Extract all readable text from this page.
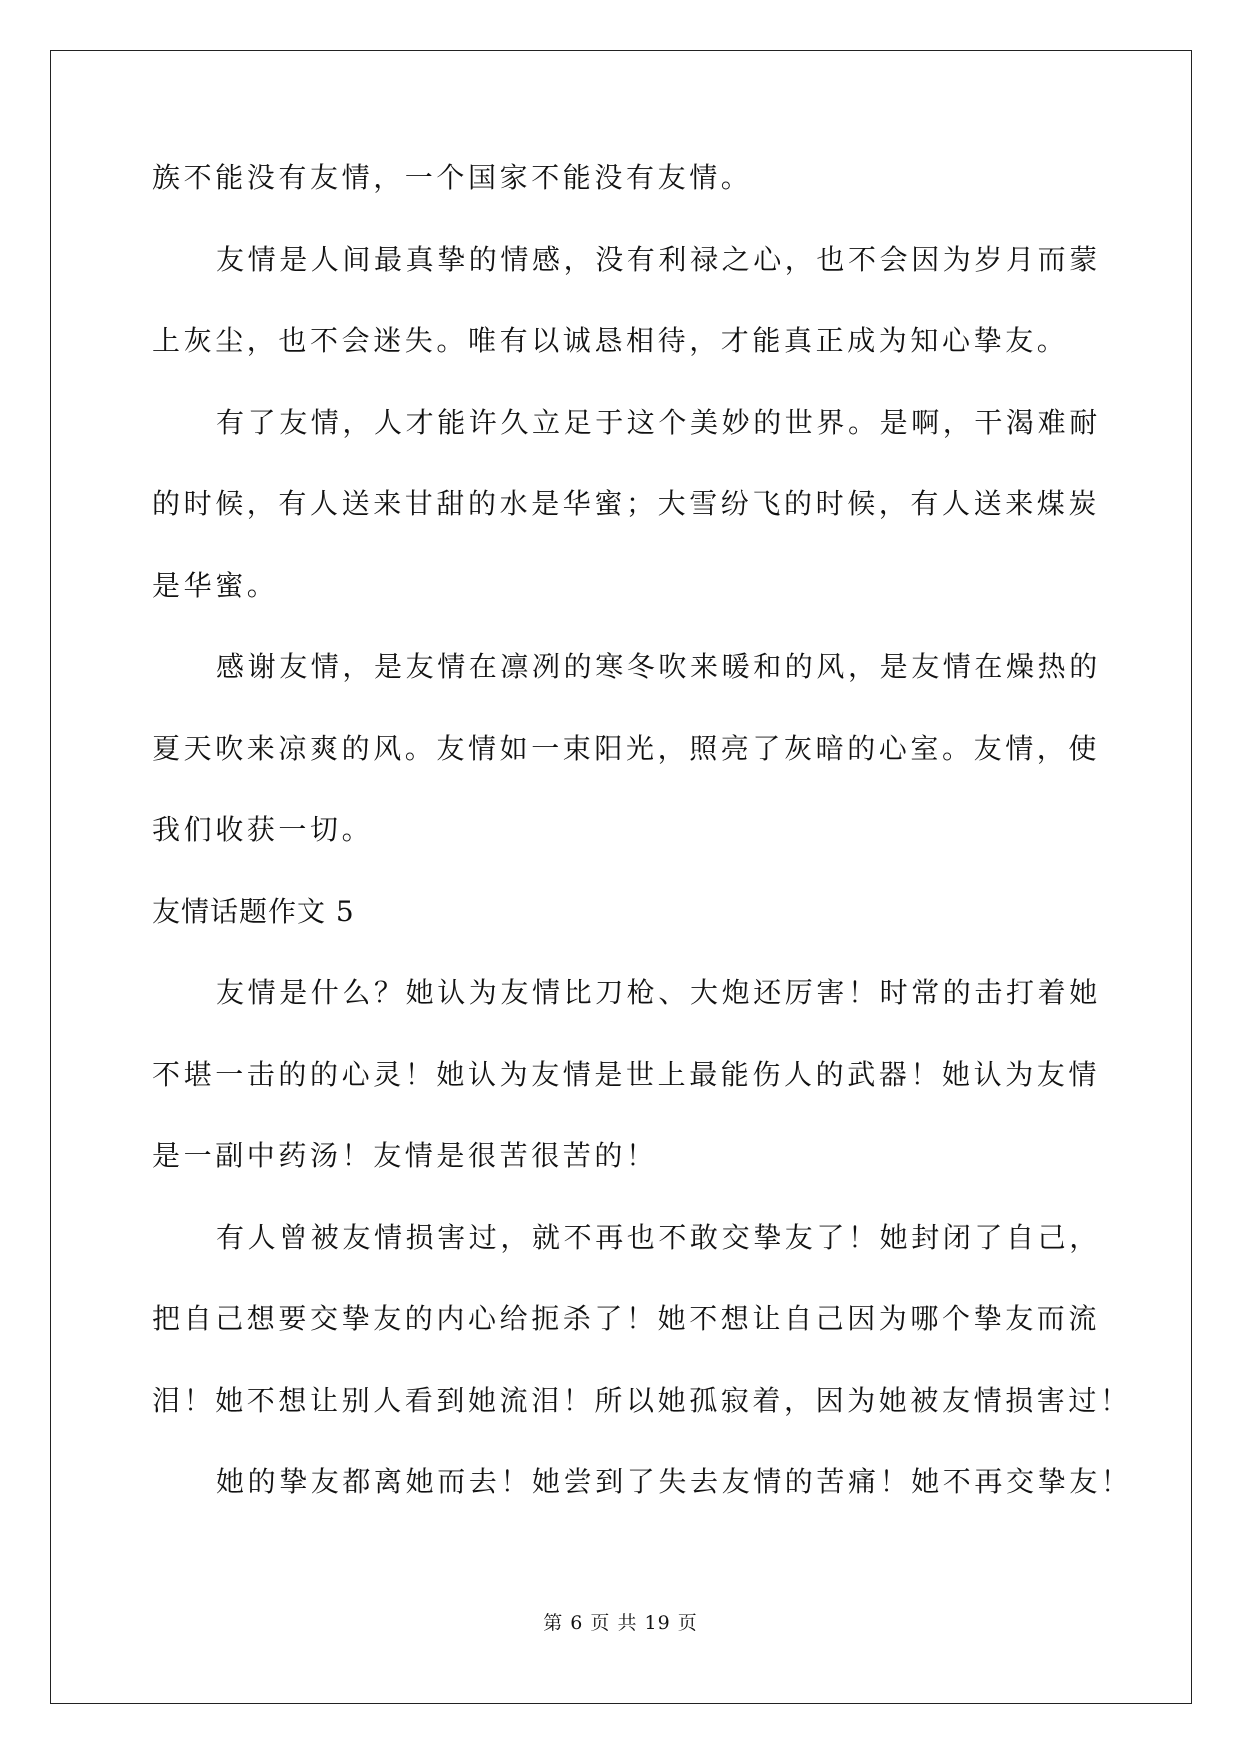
族不能没有友情，一个国家不能没有友情。
友情是人间最真挚的情感，没有利禄之心，也不会因为岁月而蒙
上灰尘，也不会迷失。唯有以诚恳相待，才能真正成为知心挚友。
有了友情，人才能许久立足于这个美妙的世界。是啊，干渴难耐
的时候，有人送来甘甜的水是华蜜；大雪纷飞的时候，有人送来煤炭
是华蜜。
感谢友情，是友情在凛冽的寒冬吹来暖和的风，是友情在燥热的
夏天吹来凉爽的风。友情如一束阳光，照亮了灰暗的心室。友情，使
我们收获一切。
友情话题作文 5
友情是什么？她认为友情比刀枪、大炮还厉害！时常的击打着她
不堪一击的的心灵！她认为友情是世上最能伤人的武器！她认为友情
是一副中药汤！友情是很苦很苦的！
有人曾被友情损害过，就不再也不敢交挚友了！她封闭了自己，
把自己想要交挚友的内心给扼杀了！她不想让自己因为哪个挚友而流
泪！她不想让别人看到她流泪！所以她孤寂着，因为她被友情损害过！
她的挚友都离她而去！她尝到了失去友情的苦痛！她不再交挚友！
第 6 页 共 19 页
